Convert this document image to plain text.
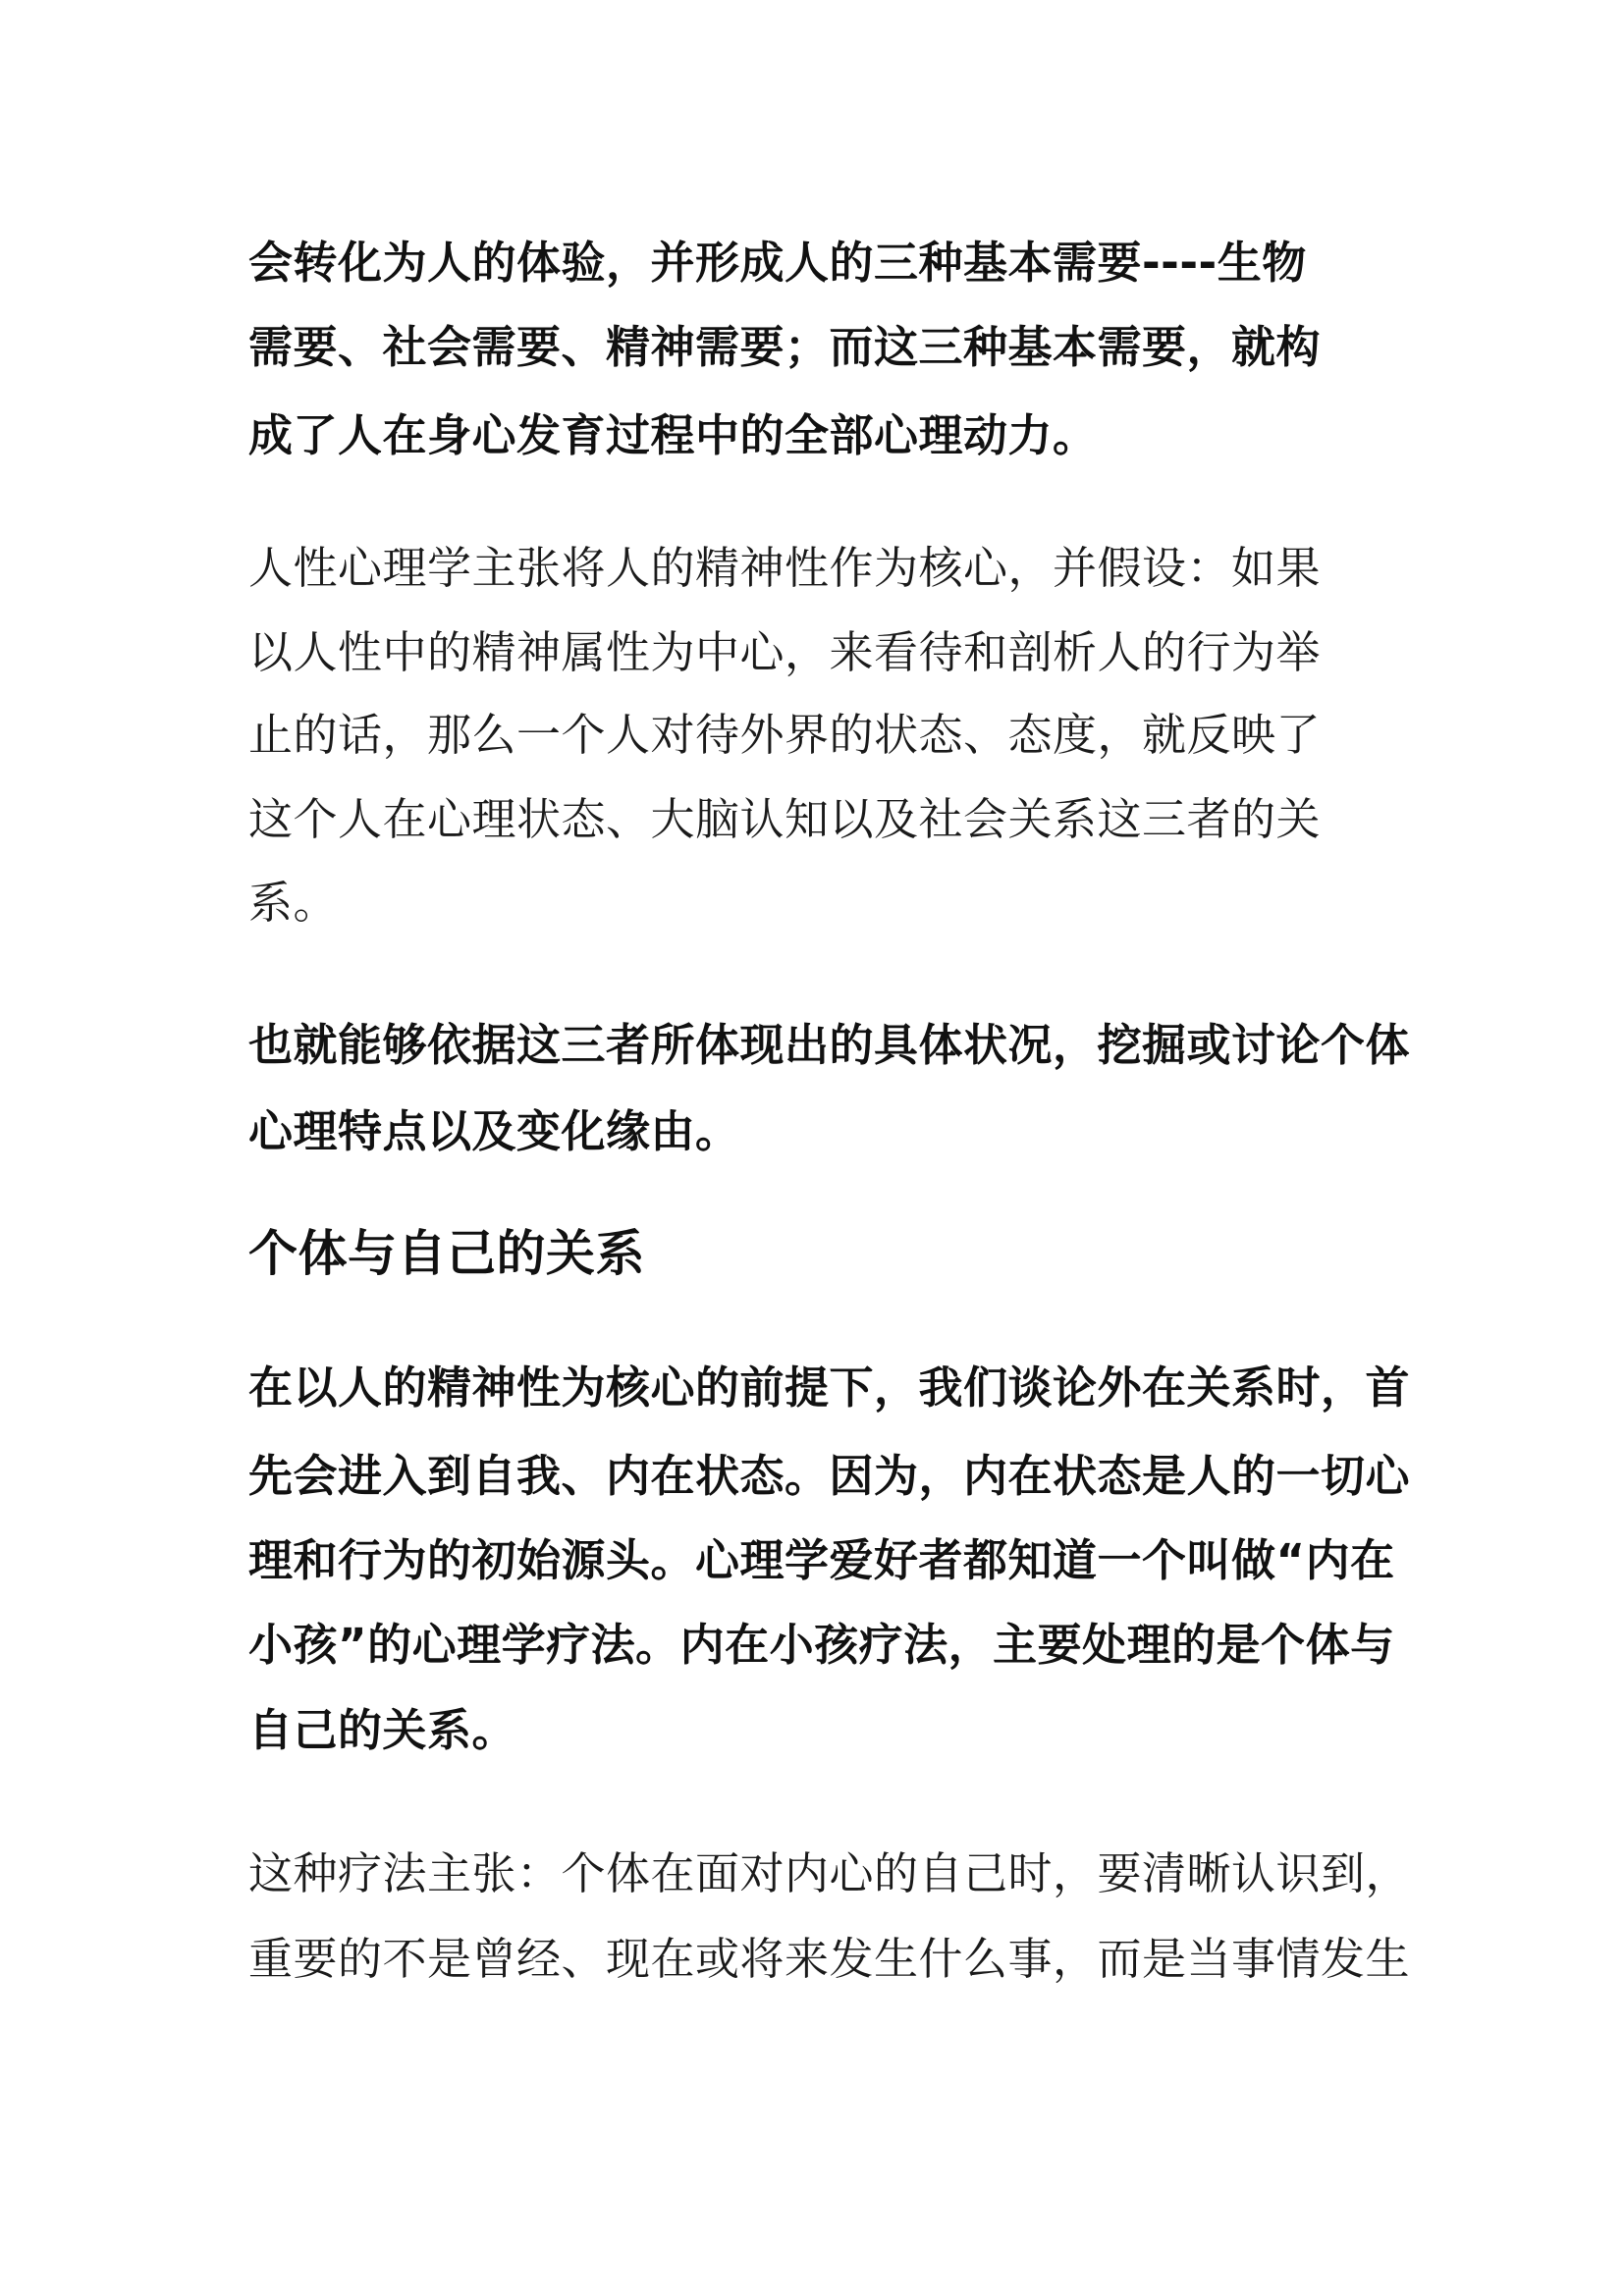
会转化为人的体验，并形成人的三种基本需要----生物
需要、社会需要、精神需要；而这三种基本需要，就构
成了人在身心发育过程中的全部心理动力。
人性心理学主张将人的精神性作为核心，并假设：如果
以人性中的精神属性为中心，来看待和剖析人的行为举
止的话，那么一个人对待外界的状态、态度，就反映了
这个人在心理状态、大脑认知以及社会关系这三者的关
系。
也就能够依据这三者所体现出的具体状况，挖掘或讨论个体
心理特点以及变化缘由。
个体与自己的关系
在以人的精神性为核心的前提下，我们谈论外在关系时，首
先会进入到自我、内在状态。因为，内在状态是人的一切心
理和行为的初始源头。心理学爱好者都知道一个叫做“内在
小孩”的心理学疗法。内在小孩疗法，主要处理的是个体与
自己的关系。
这种疗法主张：个体在面对内心的自己时，要清晰认识到，
重要的不是曾经、现在或将来发生什么事，而是当事情发生
